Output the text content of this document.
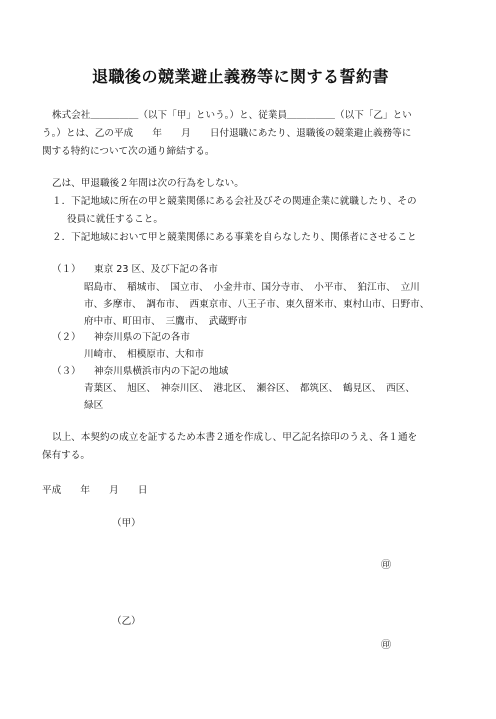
退職後の競業避止義務等に関する誓約書
株式会社＿＿＿＿＿（以下「甲」という。）と、従業員＿＿＿＿＿（以下「乙」とい
う。）とは、乙の平成　　年　　月　　日付退職にあたり、退職後の競業避止義務等に
関する特約について次の通り締結する。
乙は、甲退職後２年間は次の行為をしない。
１．下記地域に所在の甲と競業関係にある会社及びその関連企業に就職したり、その
役員に就任すること。
２．下記地域において甲と競業関係にある事業を自らなしたり、関係者にさせること
（１） 東京 23 区、及び下記の各市
昭島市、　稲城市、　国立市、　小金井市、国分寺市、　小平市、　狛江市、　立川
市、多摩市、　調布市、　西東京市、八王子市、東久留米市、東村山市、日野市、
府中市、町田市、　三鷹市、　武蔵野市
（２） 神奈川県の下記の各市
川崎市、　相模原市、大和市
（３） 神奈川県横浜市内の下記の地域
青葉区、　旭区、　神奈川区、　港北区、　瀬谷区、　都筑区、　鶴見区、　西区、
緑区
以上、本契約の成立を証するため本書２通を作成し、甲乙記名捺印のうえ、各１通を
保有する。
平成　　年　　月　　日
（甲）
㊞
（乙）
㊞
